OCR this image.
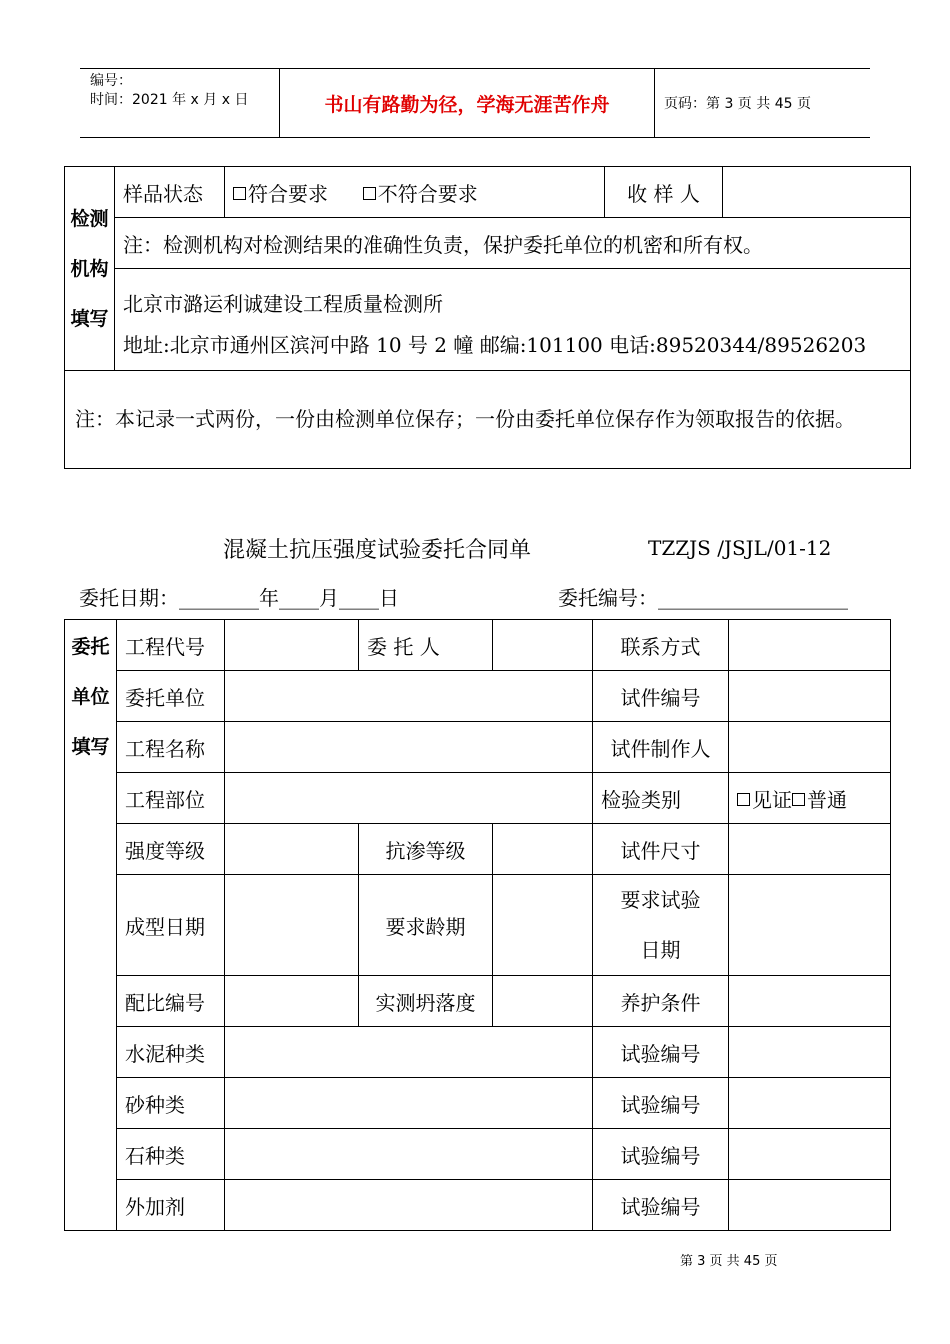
编号：
时间：2021 年 x 月 x 日	书山有路勤为径，学海无涯苦作舟	页码：第 3 页 共 45 页
检测机构填写	样品状态	符合要求 不符合要求	收 样 人	
注：检测机构对检测结果的准确性负责，保护委托单位的机密和所有权。
北京市潞运利诚建设工程质量检测所
地址:北京市通州区滨河中路 10 号 2 幢 邮编:101100 电话:89520344/89526203
注：本记录一式两份，一份由检测单位保存；一份由委托单位保存作为领取报告的依据。
混凝土抗压强度试验委托合同单	TZZJS /JSJL/01-12
委托日期：________年____月____日	委托编号：___________________
委托单位填写	工程代号		委 托 人		联系方式	
	委托单位				试件编号	
	工程名称				试件制作人	
	工程部位				检验类别	见证 普通
	强度等级		抗渗等级		试件尺寸	
	成型日期		要求龄期		要求试验日期	
	配比编号		实测坍落度		养护条件	
	水泥种类				试验编号	
	砂种类				试验编号	
	石种类				试验编号	
	外加剂				试验编号	
第 3 页 共 45 页
